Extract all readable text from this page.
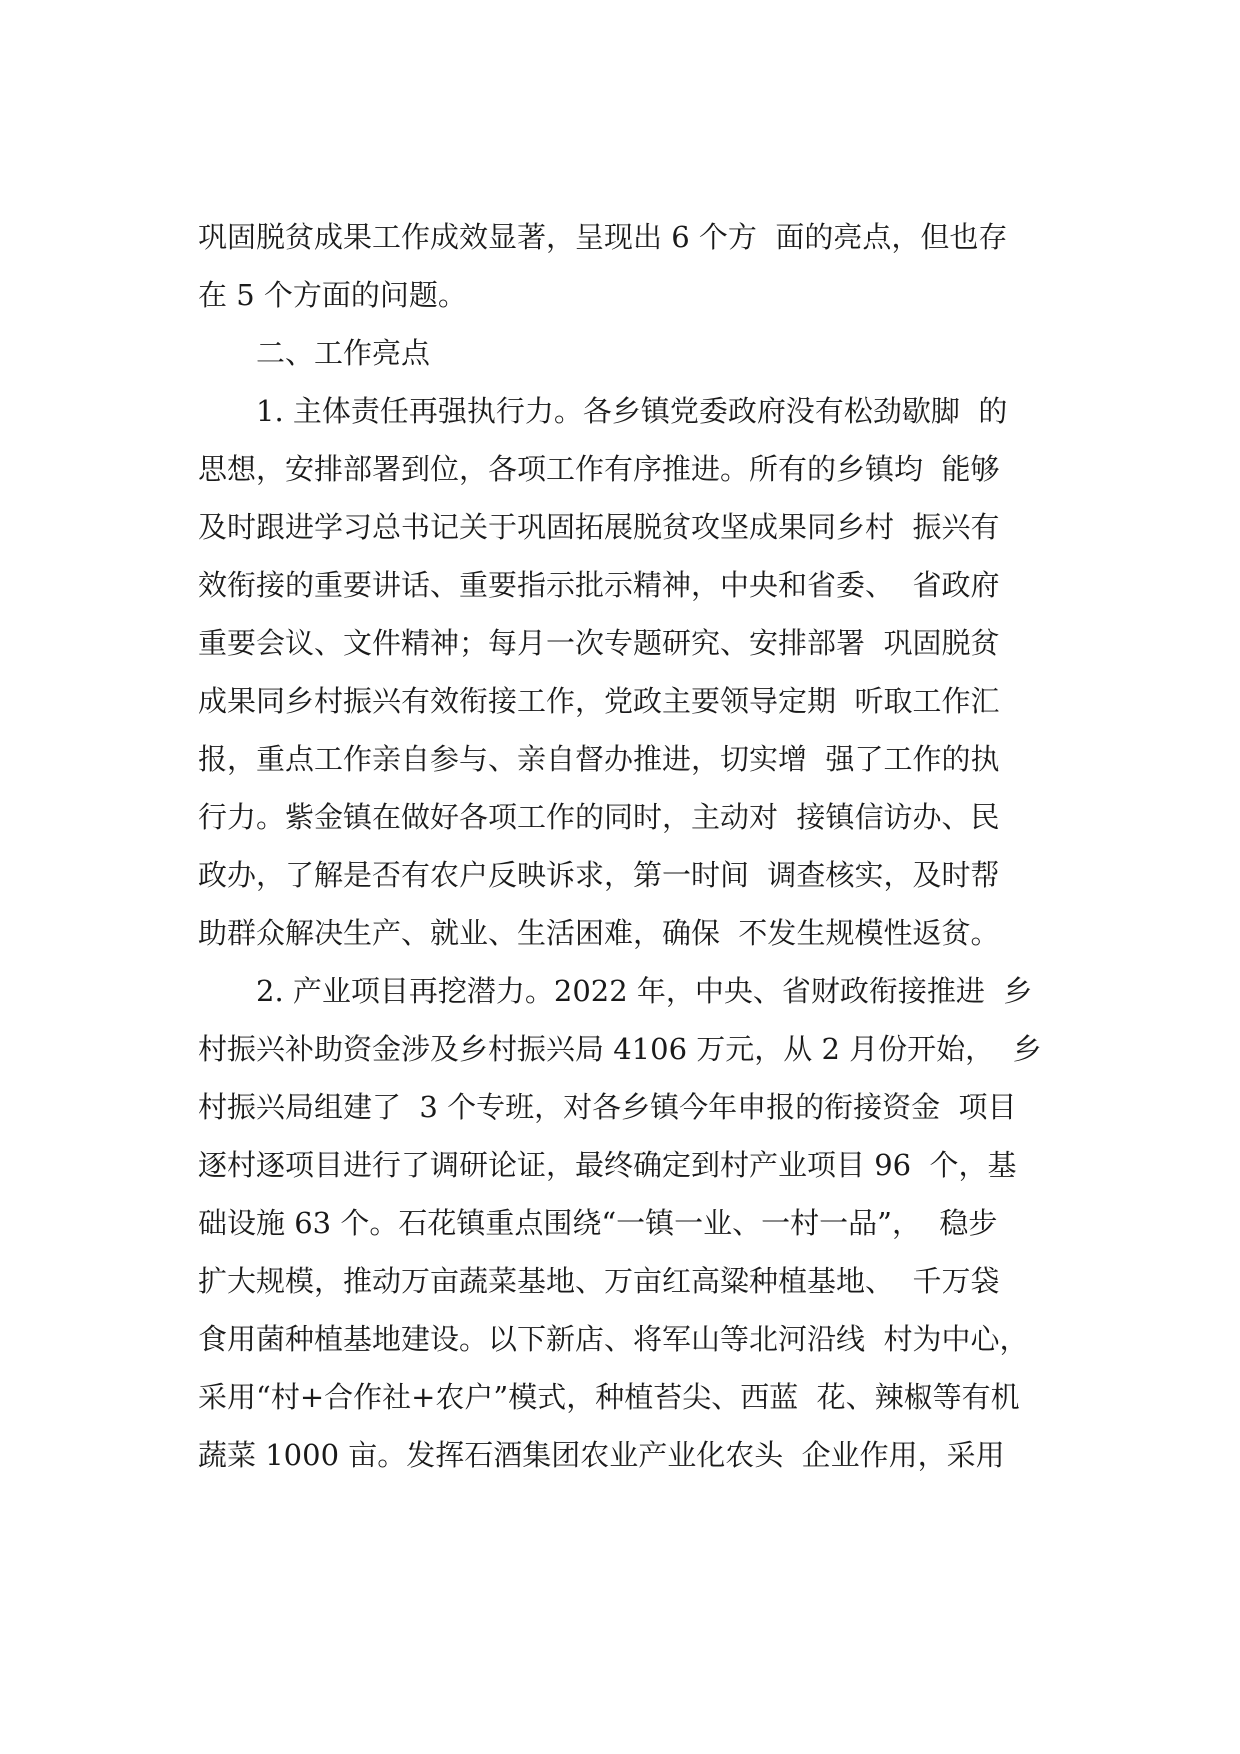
巩固脱贫成果工作成效显著，呈现出 6 个方  面的亮点，但也存
在 5 个方面的问题。
二、工作亮点
1. 主体责任再强执行力。各乡镇党委政府没有松劲歇脚  的
思想，安排部署到位，各项工作有序推进。所有的乡镇均  能够
及时跟进学习总书记关于巩固拓展脱贫攻坚成果同乡村  振兴有
效衔接的重要讲话、重要指示批示精神，中央和省委、  省政府
重要会议、文件精神；每月一次专题研究、安排部署  巩固脱贫
成果同乡村振兴有效衔接工作，党政主要领导定期  听取工作汇
报，重点工作亲自参与、亲自督办推进，切实增  强了工作的执
行力。紫金镇在做好各项工作的同时，主动对  接镇信访办、民
政办，了解是否有农户反映诉求，第一时间  调查核实，及时帮
助群众解决生产、就业、生活困难，确保  不发生规模性返贫。
2. 产业项目再挖潜力。2022 年，中央、省财政衔接推进  乡
村振兴补助资金涉及乡村振兴局 4106 万元，从 2 月份开始，  乡
村振兴局组建了  3 个专班，对各乡镇今年申报的衔接资金  项目
逐村逐项目进行了调研论证，最终确定到村产业项目 96  个，基
础设施 63 个。石花镇重点围绕“一镇一业、一村一品”，  稳步
扩大规模，推动万亩蔬菜基地、万亩红高粱种植基地、  千万袋
食用菌种植基地建设。以下新店、将军山等北河沿线  村为中心，
采用“村+合作社+农户”模式，种植苔尖、西蓝  花、辣椒等有机
蔬菜 1000 亩。发挥石酒集团农业产业化农头  企业作用，采用
